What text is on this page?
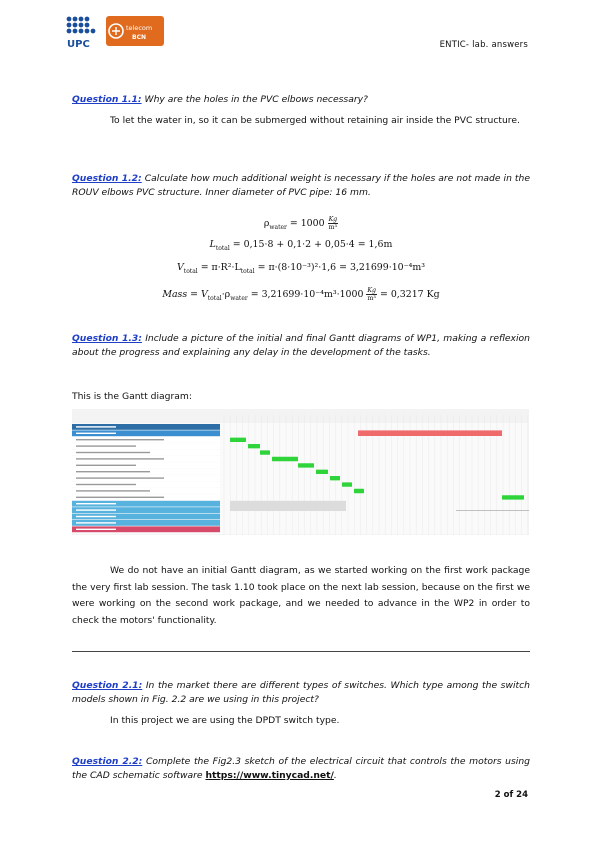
UPC
telecom
BCN
ENTIC- lab. answers
Question 1.1: Why are the holes in the PVC elbows necessary?
To let the water in, so it can be submerged without retaining air inside the PVC structure.
Question 1.2: Calculate how much additional weight is necessary if the holes are not made in the ROUV elbows PVC structure. Inner diameter of PVC pipe: 16 mm.
$\rho_{water} = 1000 \frac{Kg}{\text{m³}}$
$L_{total} = 0,15\cdot 8 + 0,1\cdot 2 + 0,05\cdot 4 = 1,6m$
$V_{total} = \pi\cdot R^2\cdot L_{total} = \pi\cdot(8\cdot 10^{-3})^2\cdot 1,6 = 3,21699\cdot 10^{-4}m^3$
Mass = $V_{total}\cdot\rho_{water} = 3,21699\cdot 10^{-4}m^3\cdot 1000 \frac{Kg}{\text{m³}} = 0,3217$ Kg
Question 1.3: Include a picture of the initial and final Gantt diagrams of WP1, making a reflexion about the progress and explaining any delay in the development of the tasks.
This is the Gantt diagram:
We do not have an initial Gantt diagram, as we started working on the first work package the very first lab session. The task 1.10 took place on the next lab session, because on the first we were working on the second work package, and we needed to advance in the WP2 in order to check the motors' functionality.
Question 2.1: In the market there are different types of switches. Which type among the switch models shown in Fig. 2.2 are we using in this project?
In this project we are using the DPDT switch type.
Question 2.2: Complete the Fig2.3 sketch of the electrical circuit that controls the motors using the CAD schematic software https://www.tinycad.net/.
2 of 24
